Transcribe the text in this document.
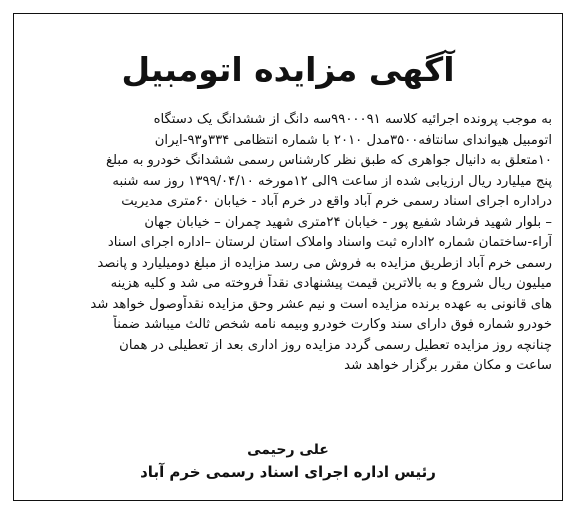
آگهی مزایده اتومبیل
به موجب پرونده اجرائیه کلاسه ۹۹۰۰۰۹۱سه دانگ از ششدانگ یک دستگاه
اتومبیل هیواندای سانتافه۳۵۰۰مدل ۲۰۱۰ با شماره انتظامی ۳۳۴و۹۳-ایران
۱۰متعلق به دانیال جواهری که طبق نظر کارشناس رسمی ششدانگ خودرو به مبلغ
پنج میلیارد ریال ارزیابی شده از ساعت ۹الی ۱۲مورخه ۱۳۹۹/۰۴/۱۰ روز سه شنبه
دراداره اجرای اسناد رسمی خرم آباد واقع در خرم آباد - خیابان ۶۰متری مدیریت
– بلوار شهید فرشاد شفیع پور - خیابان ۲۴متری شهید چمران – خیابان جهان
آراء-ساختمان شماره ۲اداره ثبت واسناد واملاک استان لرستان –اداره اجرای اسناد
رسمی خرم آباد ازطریق مزایده به فروش می رسد مزایده از مبلغ دومیلیارد و پانصد
میلیون ریال شروع و به بالاترین قیمت پیشنهادی نقداً فروخته می شد و کلیه هزینه
های قانونی به عهده برنده مزایده است و نیم عشر وحق مزایده نقداًوصول خواهد شد
خودرو شماره فوق دارای سند وکارت خودرو وبیمه نامه شخص ثالث میباشد ضمناً
چنانچه روز مزایده تعطیل رسمی گردد مزایده روز اداری بعد از تعطیلی در همان
ساعت و مکان مقرر برگزار خواهد شد
علی رحیمی
رئیس اداره اجرای اسناد رسمی خرم آباد
